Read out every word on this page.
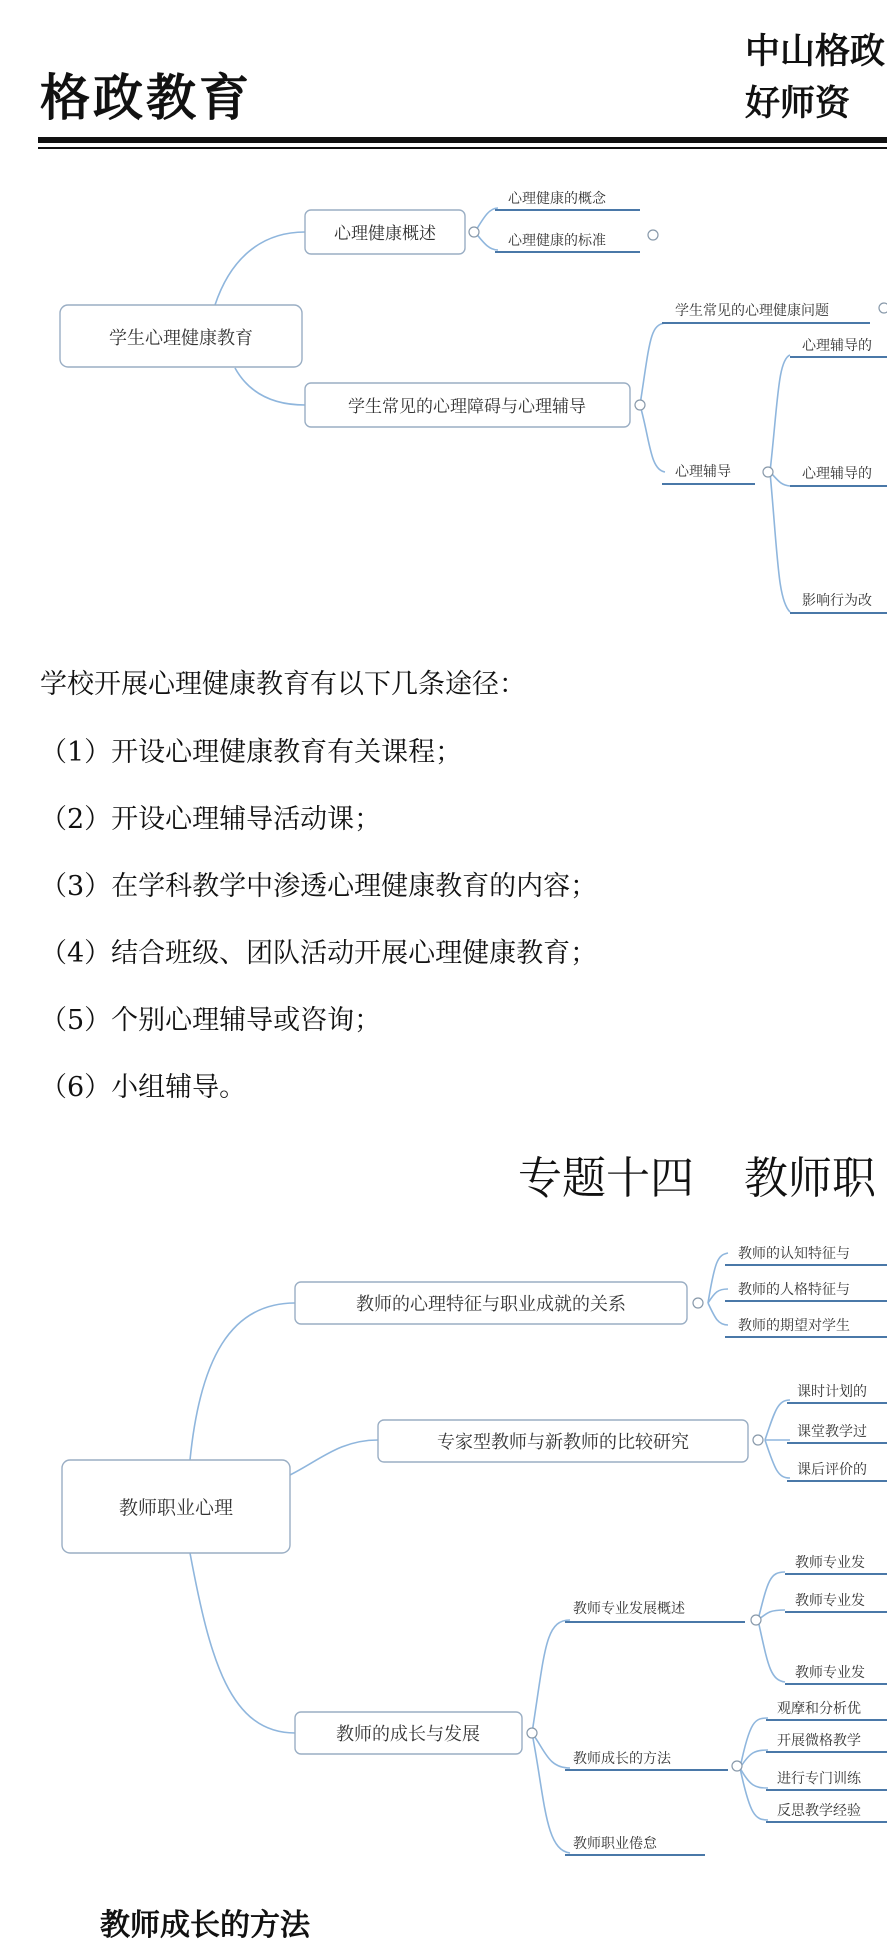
格政教育
中山格政
好师资
学生心理健康教育
心理健康概述
心理健康的概念
心理健康的标准
学生常见的心理障碍与心理辅导
学生常见的心理健康问题
心理辅导
心理辅导的
心理辅导的
影响行为改
学校开展心理健康教育有以下几条途径：
（1）开设心理健康教育有关课程；
（2）开设心理辅导活动课；
（3）在学科教学中渗透心理健康教育的内容；
（4）结合班级、团队活动开展心理健康教育；
（5）个别心理辅导或咨询；
（6）小组辅导。
专题十四 教师职
教师职业心理
教师的心理特征与职业成就的关系
教师的认知特征与
教师的人格特征与
教师的期望对学生
专家型教师与新教师的比较研究
课时计划的
课堂教学过
课后评价的
教师的成长与发展
教师专业发展概述
教师专业发
教师专业发
教师专业发
教师成长的方法
观摩和分析优
开展微格教学
进行专门训练
反思教学经验
教师职业倦怠
教师成长的方法
